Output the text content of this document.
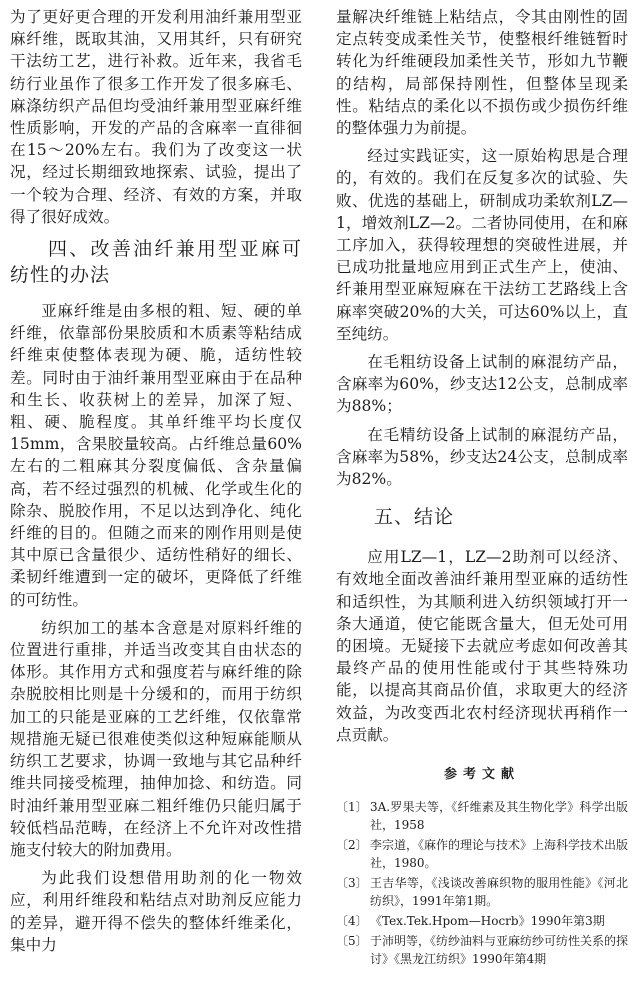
为了更好更合理的开发利用油纤兼用型亚麻纤维，既取其油，又用其纤，只有研究干法纺工艺，进行补救。近年来，我省毛纺行业虽作了很多工作开发了很多麻毛、麻涤纺织产品但均受油纤兼用型亚麻纤维性质影响，开发的产品的含麻率一直徘徊在15～20%左右。我们为了改变这一状况，经过长期细致地探索、试验，提出了一个较为合理、经济、有效的方案，并取得了很好成效。

四、改善油纤兼用型亚麻可纺性的办法

亚麻纤维是由多根的粗、短、硬的单纤维，依靠部份果胶质和木质素等粘结成纤维束使整体表现为硬、脆，适纺性较差。同时由于油纤兼用型亚麻由于在品种和生长、收获树上的差异，加深了短、粗、硬、脆程度。其单纤维平均长度仅15mm，含果胶量较高。占纤维总量60%左右的二粗麻其分裂度偏低、含杂量偏高，若不经过强烈的机械、化学或生化的除杂、脱胶作用，不足以达到净化、纯化纤维的目的。但随之而来的刚作用则是使其中原已含量很少、适纺性稍好的细长、柔韧纤维遭到一定的破坏，更降低了纤维的可纺性。

纺织加工的基本含意是对原料纤维的位置进行重排，并适当改变其自由状态的体形。其作用方式和强度若与麻纤维的除杂脱胶相比则是十分缓和的，而用于纺织加工的只能是亚麻的工艺纤维，仅依靠常规措施无疑已很难使类似这种短麻能顺从纺织工艺要求，协调一致地与其它品种纤维共同接受梳理，抽伸加捻、和纺造。同时油纤兼用型亚麻二粗纤维仍只能归属于较低档品范畴，在经济上不允许对改性措施支付较大的附加费用。

为此我们设想借用助剂的化一物效应，利用纤维段和粘结点对助剂反应能力的差异，避开得不偿失的整体纤维柔化，集中力

量解决纤维链上粘结点，令其由刚性的固定点转变成柔性关节，使整根纤维链暂时转化为纤维硬段加柔性关节，形如九节鞭的结构，局部保持刚性，但整体呈现柔性。粘结点的柔化以不损伤或少损伤纤维的整体强力为前提。

经过实践证实，这一原始构思是合理的，有效的。我们在反复多次的试验、失败、优选的基础上，研制成功柔软剂LZ—1，增效剂LZ—2。二者协同使用，在和麻工序加入，获得较理想的突破性进展，并已成功批量地应用到正式生产上，使油、纤兼用型亚麻短麻在干法纺工艺路线上含麻率突破20%的大关，可达60%以上，直至纯纺。

在毛粗纺设备上试制的麻混纺产品，含麻率为60%，纱支达12公支，总制成率为88%；

在毛精纺设备上试制的麻混纺产品，含麻率为58%，纱支达24公支，总制成率为82%。

五、结论

应用LZ—1，LZ—2助剂可以经济、有效地全面改善油纤兼用型亚麻的适纺性和适织性，为其顺利进入纺织领域打开一条大通道，使它能既含量大，但无处可用的困境。无疑接下去就应考虑如何改善其最终产品的使用性能或付于其些特殊功能，以提高其商品价值，求取更大的经济效益，为改变西北农村经济现状再稍作一点贡献。

参考文献
〔1〕 3A.罗果夫等，《纤维素及其生物化学》科学出版社，1958
〔2〕 李宗道，《麻作的理论与技术》上海科学技术出版社，1980。
〔3〕 王吉华等，《浅谈改善麻织物的服用性能》《河北纺织》，1991年第1期。
〔4〕 《Tex.Tek.Hpom—Hocrb》1990年第3期
〔5〕 于沛明等，《纺纱油料与亚麻纺纱可纺性关系的探讨》《黑龙江纺织》1990年第4期
